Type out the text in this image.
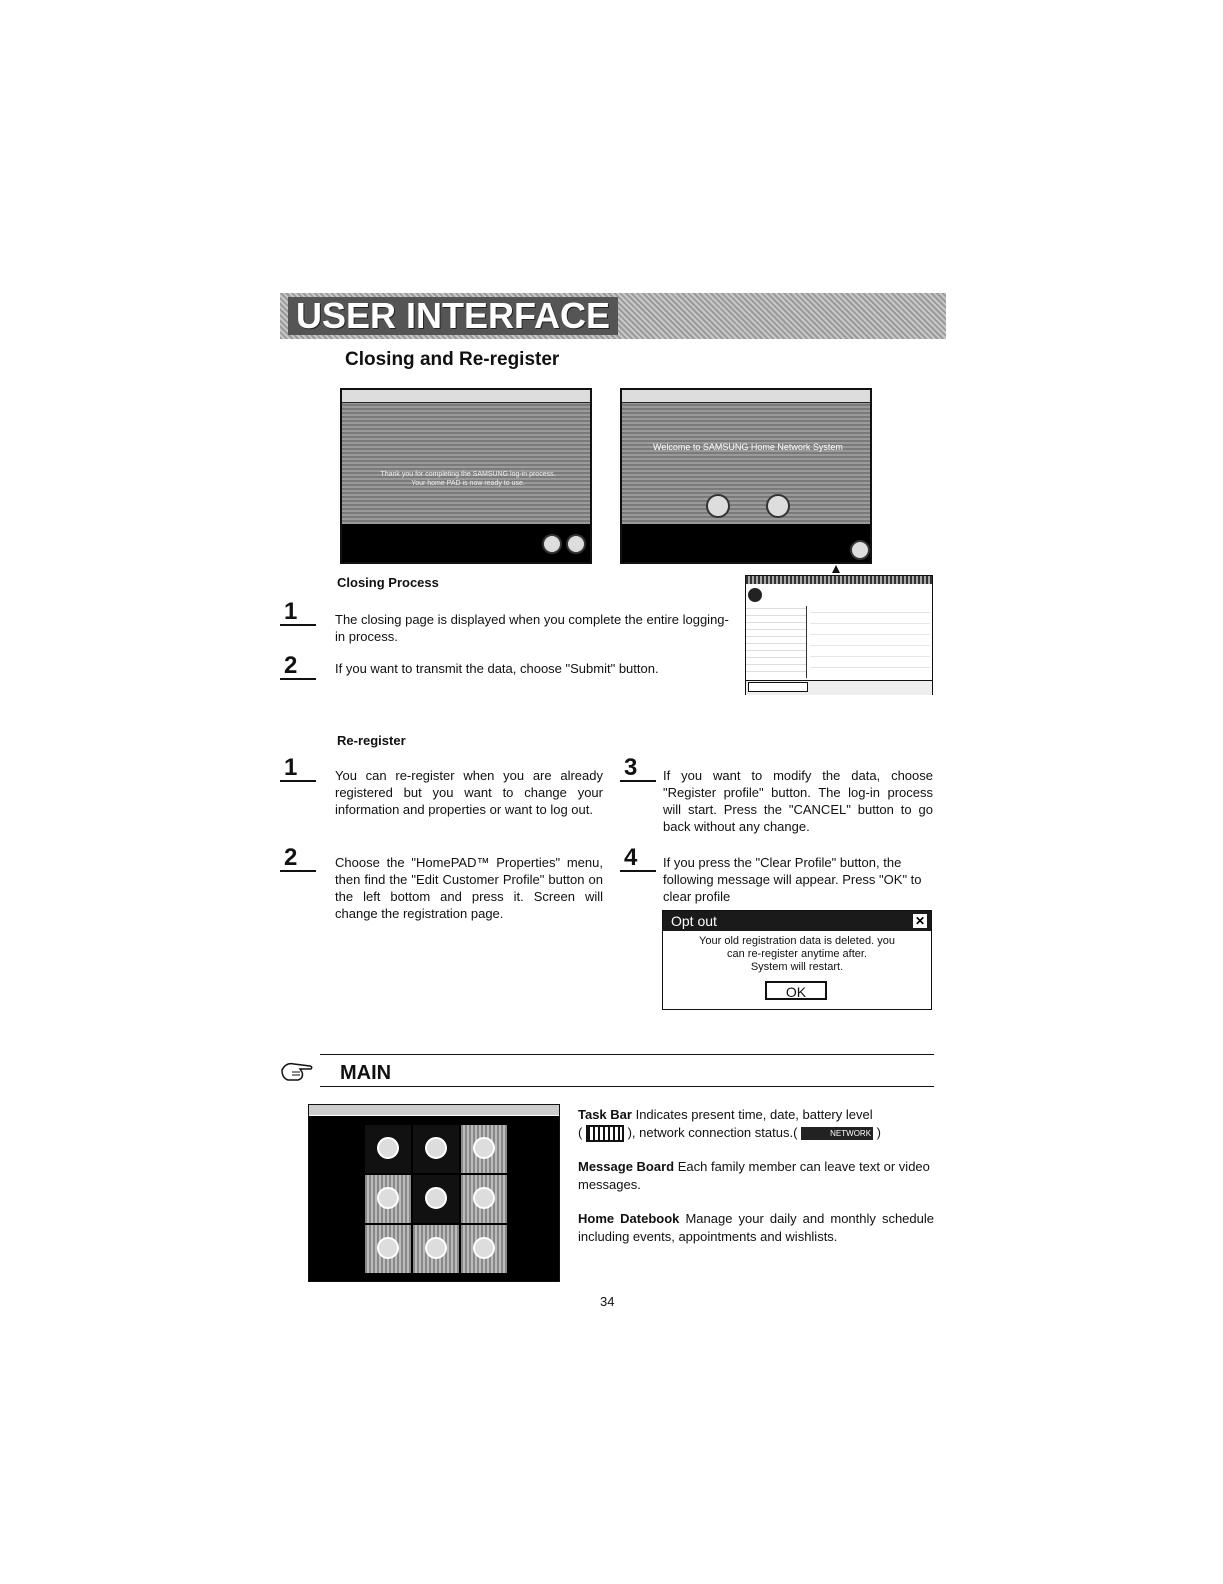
USER INTERFACE
Closing and Re-register
Thank you for completing the SAMSUNG log-in process.
Your home PAD is now ready to use.
Welcome to SAMSUNG Home Network System
Closing Process
1	The closing page is displayed when you complete the entire logging-in process.
2	If you want to transmit the data, choose "Submit" button.
Re-register
1	You can re-register when you are already registered but you want to change your information and properties or want to log out.
2	Choose the "HomePAD™ Properties" menu, then find the "Edit Customer Profile" button on the left bottom and press it. Screen will change the registration page.
3	If you want to modify the data, choose "Register profile" button. The log-in process will start. Press the "CANCEL" button to go back without any change.
4	If you press the "Clear Profile" button, the following message will appear. Press "OK" to clear profile
Opt out	✕
Your old registration data is deleted. you
can re-register anytime after.
System will restart.
OK
MAIN
Task Bar Indicates present time, date, battery level
(	), network connection status.(	NETWORK )
Message Board Each family member can leave text or video messages.
Home Datebook Manage your daily and monthly schedule including events, appointments and wishlists.
34
